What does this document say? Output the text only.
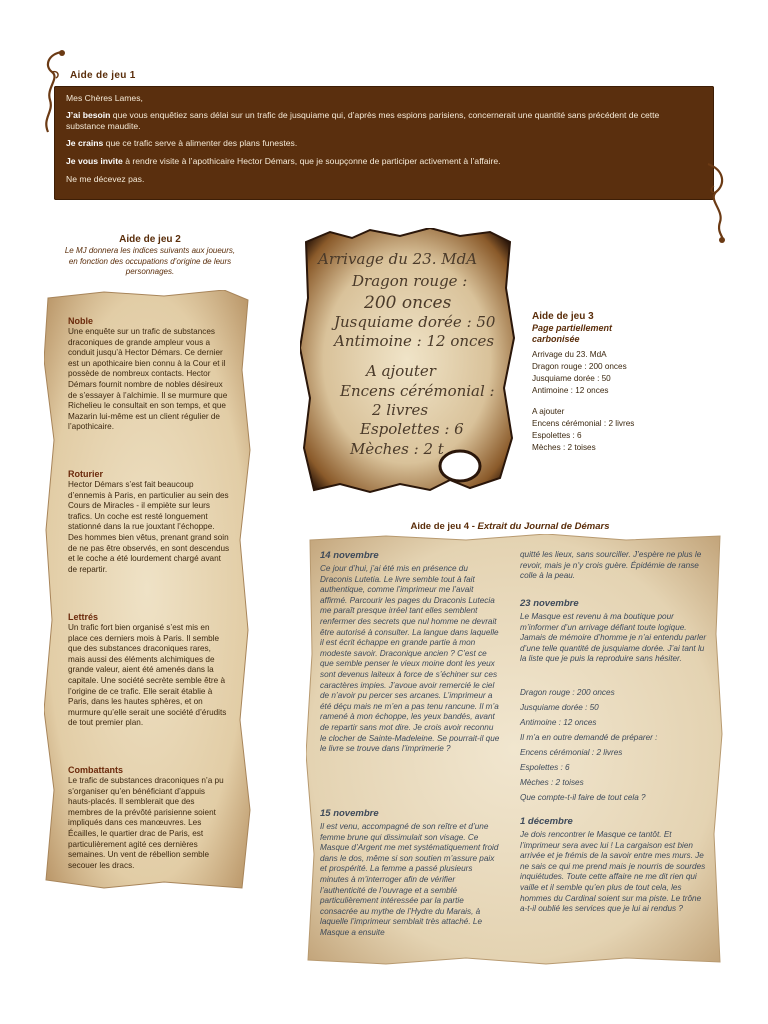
Aide de jeu 1

Mes Chères Lames,

J’ai besoin que vous enquêtiez sans délai sur un trafic de jusquiame qui, d’après mes espions parisiens, concernerait une quantité sans précédent de cette substance maudite.

Je crains que ce trafic serve à alimenter des plans funestes.

Je vous invite à rendre visite à l’apothicaire Hector Démars, que je soupçonne de participer activement à l’affaire.

Ne me décevez pas.

Aide de jeu 2
Le MJ donnera les indices suivants aux joueurs, en fonction des occupations d’origine de leurs personnages.
Noble
Une enquête sur un trafic de substances draconiques de grande ampleur vous a conduit jusqu’à Hector Démars. Ce dernier est un apothicaire bien connu à la Cour et il possède de nombreux contacts. Hector Démars fournit nombre de nobles désireux de s’essayer à l’alchimie. Il se murmure que Richelieu le consultait en son temps, et que Mazarin lui-même est un client régulier de l’apothicaire.
Roturier
Hector Démars s’est fait beaucoup d’ennemis à Paris, en particulier au sein des Cours de Miracles - il empiète sur leurs trafics. Un coche est resté longuement stationné dans la rue jouxtant l’échoppe. Des hommes bien vêtus, prenant grand soin de ne pas être observés, en sont descendus et le coche a été lourdement chargé avant de repartir.
Lettrés
Un trafic fort bien organisé s’est mis en place ces derniers mois à Paris. Il semble que des substances draconiques rares, mais aussi des éléments alchimiques de grande valeur, aient été amenés dans la capitale. Une société secrète semble être à l’origine de ce trafic. Elle serait établie à Paris, dans les hautes sphères, et on murmure qu’elle serait une société d’érudits de tout premier plan.
Combattants
Le trafic de substances draconiques n’a pu s’organiser qu’en bénéficiant d’appuis hauts-placés. Il semblerait que des membres de la prévôté parisienne soient impliqués dans ces manœuvres. Les Écailles, le quartier drac de Paris, est particulièrement agité ces dernières semaines. Un vent de rébellion semble secouer les dracs.
Arrivage du 23. MdA
Dragon rouge :
200 onces
Jusquiame dorée : 50
Antimoine : 12 onces
A ajouter
Encens cérémonial :
2 livres
Espolettes : 6
Mèches : 2 t
Aide de jeu 3
Page partiellement carbonisée
Arrivage du 23. MdA
Dragon rouge : 200 onces
Jusquiame dorée : 50
Antimoine : 12 onces
A ajouter
Encens cérémonial : 2 livres
Espolettes : 6
Mèches : 2 toises
Aide de jeu 4 - Extrait du Journal de Démars
14 novembre
Ce jour d’hui, j’ai été mis en présence du Draconis Lutetia. Le livre semble tout à fait authentique, comme l’imprimeur me l’avait affirmé. Parcourir les pages du Draconis Lutecia me paraît presque irréel tant elles semblent renfermer des secrets que nul homme ne devrait être autorisé à consulter. La langue dans laquelle il est écrit échappe en grande partie à mon modeste savoir. Draconique ancien ? C’est ce que semble penser le vieux moine dont les yeux sont devenus laiteux à force de s’échiner sur ces caractères impies. J’avoue avoir remercié le ciel de n’avoir pu percer ses arcanes. L’imprimeur a été déçu mais ne m’en a pas tenu rancune. Il m’a ramené à mon échoppe, les yeux bandés, avant de repartir sans mot dire. Je crois avoir reconnu le clocher de Sainte-Madeleine. Se pourrait-il que le livre se trouve dans l’imprimerie ?
15 novembre
Il est venu, accompagné de son reître et d’une femme brune qui dissimulait son visage. Ce Masque d’Argent me met systématiquement froid dans le dos, même si son soutien m’assure paix et prospérité. La femme a passé plusieurs minutes à m’interroger afin de vérifier l’authenticité de l’ouvrage et a semblé particulièrement intéressée par la partie consacrée au mythe de l’Hydre du Marais, à laquelle l’imprimeur semblait très attaché. Le Masque a ensuite
quitté les lieux, sans sourciller. J’espère ne plus le revoir, mais je n’y crois guère. Épidémie de ranse colle à la peau.
23 novembre
Le Masque est revenu à ma boutique pour m’informer d’un arrivage défiant toute logique. Jamais de mémoire d’homme je n’ai entendu parler d’une telle quantité de jusquiame dorée. J’ai tant lu la liste que je puis la reproduire sans hésiter.
Dragon rouge : 200 onces
Jusquiame dorée : 50
Antimoine : 12 onces
Il m’a en outre demandé de préparer :
Encens cérémonial : 2 livres
Espolettes : 6
Mèches : 2 toises
Que compte-t-il faire de tout cela ?
1 décembre
Je dois rencontrer le Masque ce tantôt. Et l’imprimeur sera avec lui ! La cargaison est bien arrivée et je frémis de la savoir entre mes murs. Je ne sais ce qui me prend mais je nourris de sourdes inquiétudes. Toute cette affaire ne me dit rien qui vaille et il semble qu’en plus de tout cela, les hommes du Cardinal soient sur ma piste. Le trône a-t-il oublié les services que je lui ai rendus ?
